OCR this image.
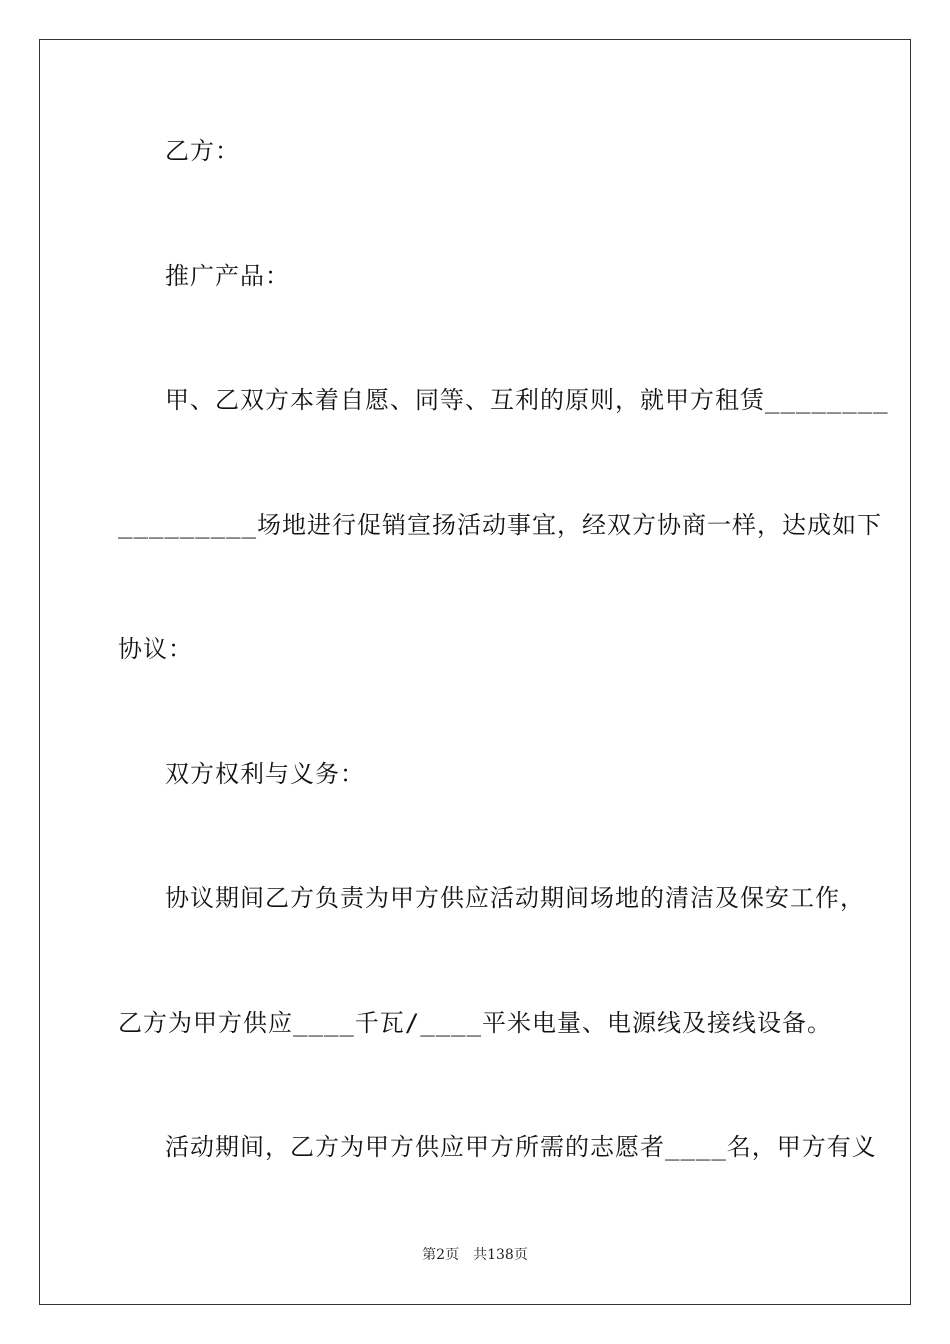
乙方：
推广产品：
甲、乙双方本着自愿、同等、互利的原则，就甲方租赁________
_________场地进行促销宣扬活动事宜，经双方协商一样，达成如下
协议：
双方权利与义务：
协议期间乙方负责为甲方供应活动期间场地的清洁及保安工作，
乙方为甲方供应____千瓦/____平米电量、电源线及接线设备。
活动期间，乙方为甲方供应甲方所需的志愿者____名，甲方有义
第2页 共138页
